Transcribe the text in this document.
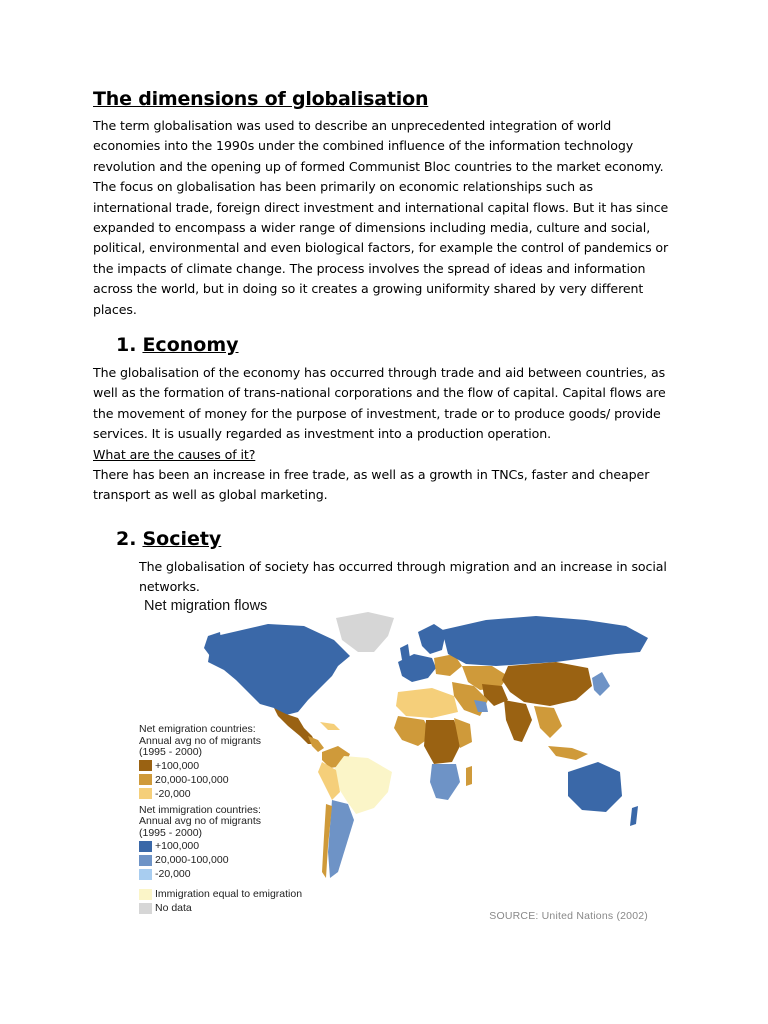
The dimensions of globalisation
The term globalisation was used to describe an unprecedented integration of world
economies into the 1990s under the combined influence of the information technology
revolution and the opening up of formed Communist Bloc countries to the market economy.
The focus on globalisation has been primarily on economic relationships such as
international trade, foreign direct investment and international capital flows. But it has since
expanded to encompass a wider range of dimensions including media, culture and social,
political, environmental and even biological factors, for example the control of pandemics or
the impacts of climate change. The process involves the spread of ideas and information
across the world, but in doing so it creates a growing uniformity shared by very different
places.
1. Economy
The globalisation of the economy has occurred through trade and aid between countries, as
well as the formation of trans-national corporations and the flow of capital. Capital flows are
the movement of money for the purpose of investment, trade or to produce goods/ provide
services. It is usually regarded as investment into a production operation.
What are the causes of it?
There has been an increase in free trade, as well as a growth in TNCs, faster and cheaper
transport as well as global marketing.
2. Society
The globalisation of society has occurred through migration and an increase in social
networks.
Net migration flows
Net emigration countries:
Annual avg no of migrants
(1995 - 2000)
+100,000
20,000-100,000
-20,000
Net immigration countries:
Annual avg no of migrants
(1995 - 2000)
+100,000
20,000-100,000
-20,000
Immigration equal to emigration
No data
SOURCE: United Nations (2002)
